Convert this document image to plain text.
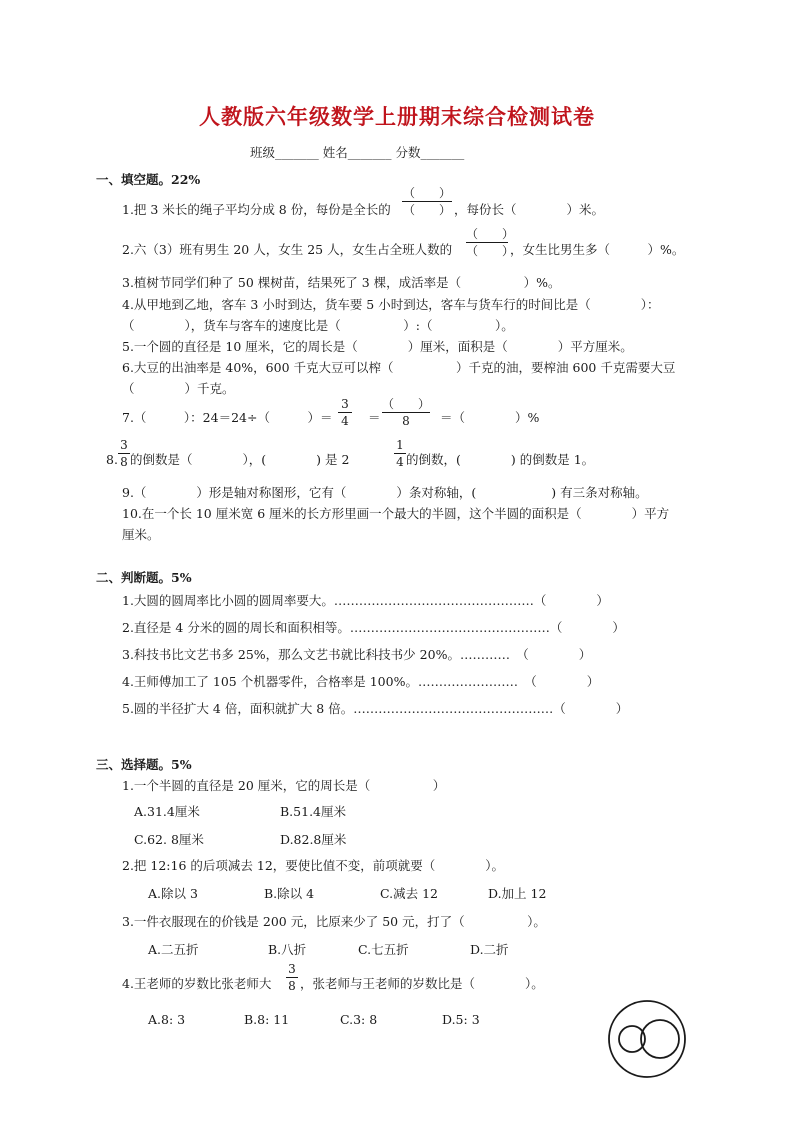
人教版六年级数学上册期末综合检测试卷
班级_______ 姓名_______ 分数_______
一、填空题。22%
1.把 3 米长的绳子平均分成 8 份，每份是全长的
（　　）
（　　） ，每份长（　　　　）米。
2.六（3）班有男生 20 人，女生 25 人，女生占全班人数的
（　　）
（　　）
，女生比男生多（　　　）%。
3.植树节同学们种了 50 棵树苗，结果死了 3 棵，成活率是（　　　　　）%。
4.从甲地到乙地，客车 3 小时到达，货车要 5 小时到达，客车与货车行的时间比是（　　　　）：
（　　　　），货车与客车的速度比是（　　　　　）:（　　　　　）。
5.一个圆的直径是 10 厘米，它的周长是（　　　　）厘米，面积是（　　　　）平方厘米。
6.大豆的出油率是 40%，600 千克大豆可以榨（　　　　　）千克的油，要榨油 600 千克需要大豆
（　　　　）千克。
7.（　　　）：24＝24÷（　　　）＝
3
4 ＝
（　　）
8	＝（　　　　）%
8.
3
8 的倒数是（　　　　），(　　　　) 是 2
1
4 的倒数，(　　　　) 的倒数是 1。
9.（　　　　）形是轴对称图形，它有（　　　　）条对称轴，(　　　　　　) 有三条对称轴。
10.在一个长 10 厘米宽 6 厘米的长方形里画一个最大的半圆，这个半圆的面积是（　　　　）平方
厘米。
二、判断题。5%
1.大圆的圆周率比小圆的圆周率要大。…………………………………………（　　　　）
2.直径是 4 分米的圆的周长和面积相等。…………………………………………（　　　　）
3.科技书比文艺书多 25%，那么文艺书就比科技书少 20%。…………　（　　　　）
4.王师傅加工了 105 个机器零件，合格率是 100%。……………………　（　　　　）
5.圆的半径扩大 4 倍，面积就扩大 8 倍。…………………………………………（　　　　）
三、选择题。5%
1.一个半圆的直径是 20 厘米，它的周长是（　　　　　）
A.31.4厘米	B.51.4厘米
C.62. 8厘米	D.82.8厘米
2.把 12:16 的后项减去 12，要使比值不变，前项就要（　　　　）。
A.除以 3	B.除以 4	C.减去 12	D.加上 12
3.一件衣服现在的价钱是 200 元，比原来少了 50 元，打了（　　　　　）。
A.二五折	B.八折	C.七五折	D.二折
4.王老师的岁数比张老师大
3
8 ，张老师与王老师的岁数比是（　　　　）。
A.8: 3	B.8: 11	C.3: 8	D.5: 3
